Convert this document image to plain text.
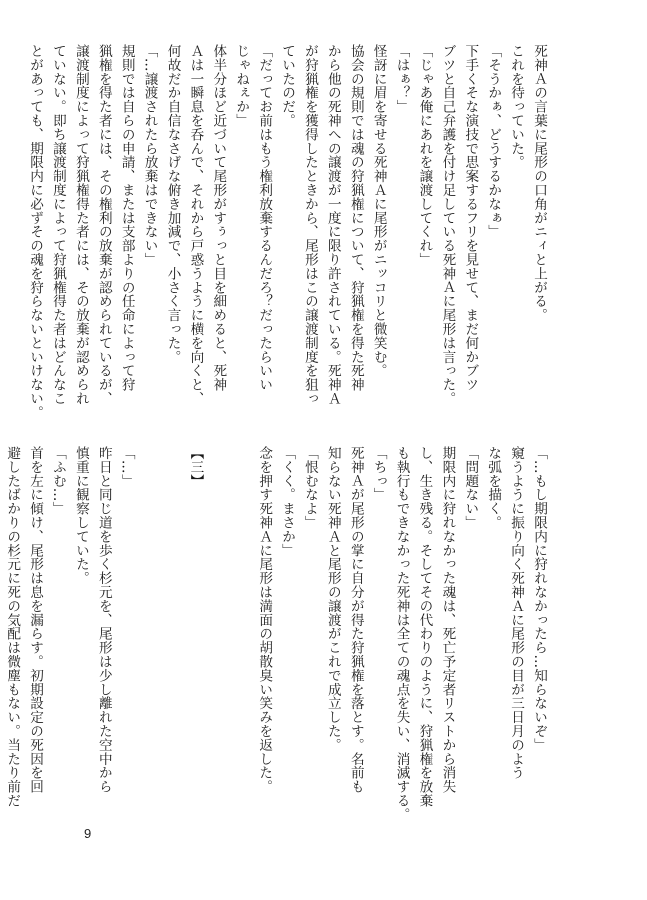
死神Ａの言葉に尾形の口角がニィと上がる。
これを待っていた。
「そうかぁ、どうするかなぁ」
下手くそな演技で思案するフリを見せて、まだ何かブツ
ブツと自己弁護を付け足している死神Ａに尾形は言った。
「じゃあ俺にあれを譲渡してくれ」
「はぁ？」
怪訝に眉を寄せる死神Ａに尾形がニッコリと微笑む。
協会の規則では魂の狩猟権について、狩猟権を得た死神
から他の死神への譲渡が一度に限り許されている。死神Ａ
が狩猟権を獲得したときから、尾形はこの譲渡制度を狙っ
ていたのだ。
「だってお前はもう権利放棄するんだろ？だったらいい
じゃねぇか」
体半分ほど近づいて尾形がすぅっと目を細めると、死神
Ａは一瞬息を呑んで、それから戸惑うように横を向くと、
何故だか自信なさげな俯き加減で、小さく言った。
「…譲渡されたら放棄はできない」
規則では自らの申請、または支部よりの任命によって狩
猟権を得た者には、その権利の放棄が認められているが、
譲渡制度によって狩猟権得た者には、その放棄が認められ
ていない。即ち譲渡制度によって狩猟権得た者はどんなこ
とがあっても、期限内に必ずその魂を狩らないといけない。
「…もし期限内に狩れなかったら…知らないぞ」
窺うように振り向く死神Ａに尾形の目が三日月のよう
な弧を描く。
「問題ない」
期限内に狩れなかった魂は、死亡予定者リストから消失
し、生き残る。そしてその代わりのように、狩猟権を放棄
も執行もできなかった死神は全ての魂点を失い、消滅する。
「ちっ」
死神Ａが尾形の掌に自分が得た狩猟権を落とす。名前も
知らない死神Ａと尾形の譲渡がこれで成立した。
「恨むなよ」
「くく。まさか」
念を押す死神Ａに尾形は満面の胡散臭い笑みを返した。

【三】

「…」
昨日と同じ道を歩く杉元を、尾形は少し離れた空中から
慎重に観察していた。
「ふむ…」
首を左に傾け、尾形は息を漏らす。初期設定の死因を回
避したばかりの杉元に死の気配は微塵もない。当たり前だ
9
